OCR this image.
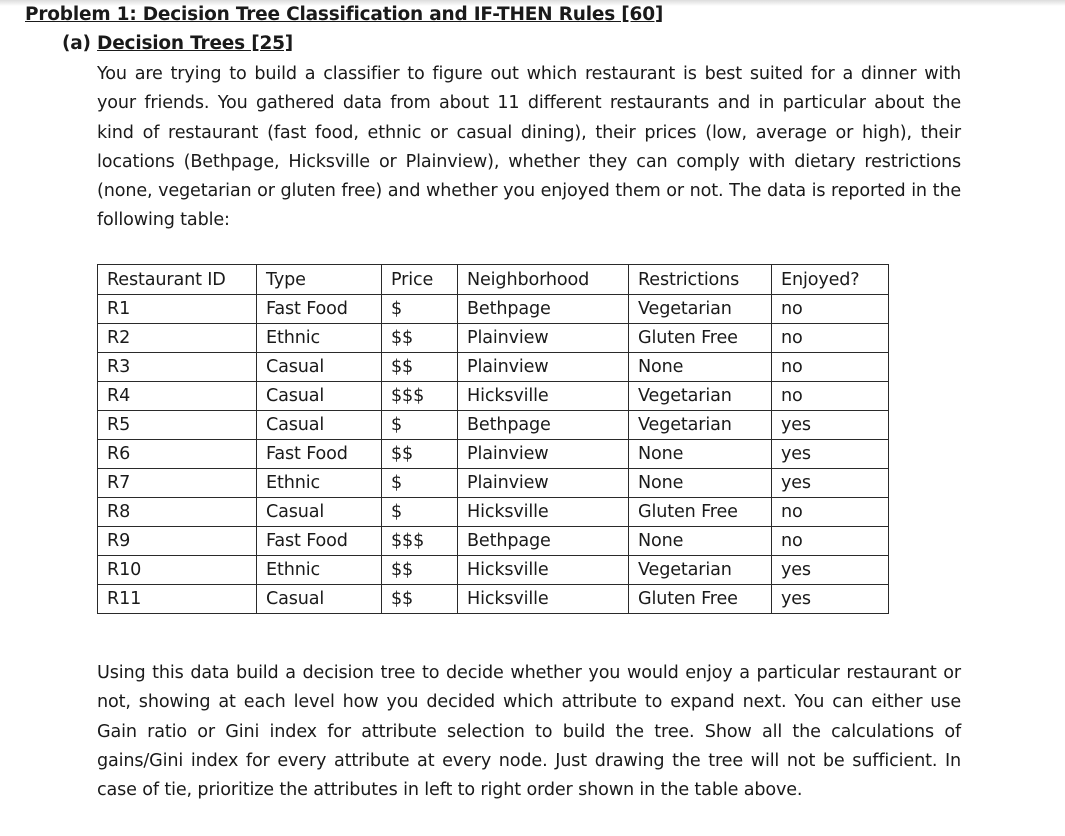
Problem 1: Decision Tree Classification and IF-THEN Rules [60]
(a) Decision Trees [25]
You are trying to build a classifier to figure out which restaurant is best suited for a dinner with your friends. You gathered data from about 11 different restaurants and in particular about the kind of restaurant (fast food, ethnic or casual dining), their prices (low, average or high), their locations (Bethpage, Hicksville or Plainview), whether they can comply with dietary restrictions (none, vegetarian or gluten free) and whether you enjoyed them or not. The data is reported in the following table:
Restaurant ID	Type	Price	Neighborhood	Restrictions	Enjoyed?
R1	Fast Food	$	Bethpage	Vegetarian	no
R2	Ethnic	$$	Plainview	Gluten Free	no
R3	Casual	$$	Plainview	None	no
R4	Casual	$$$	Hicksville	Vegetarian	no
R5	Casual	$	Bethpage	Vegetarian	yes
R6	Fast Food	$$	Plainview	None	yes
R7	Ethnic	$	Plainview	None	yes
R8	Casual	$	Hicksville	Gluten Free	no
R9	Fast Food	$$$	Bethpage	None	no
R10	Ethnic	$$	Hicksville	Vegetarian	yes
R11	Casual	$$	Hicksville	Gluten Free	yes
Using this data build a decision tree to decide whether you would enjoy a particular restaurant or not, showing at each level how you decided which attribute to expand next. You can either use Gain ratio or Gini index for attribute selection to build the tree. Show all the calculations of gains/Gini index for every attribute at every node. Just drawing the tree will not be sufficient. In case of tie, prioritize the attributes in left to right order shown in the table above.
